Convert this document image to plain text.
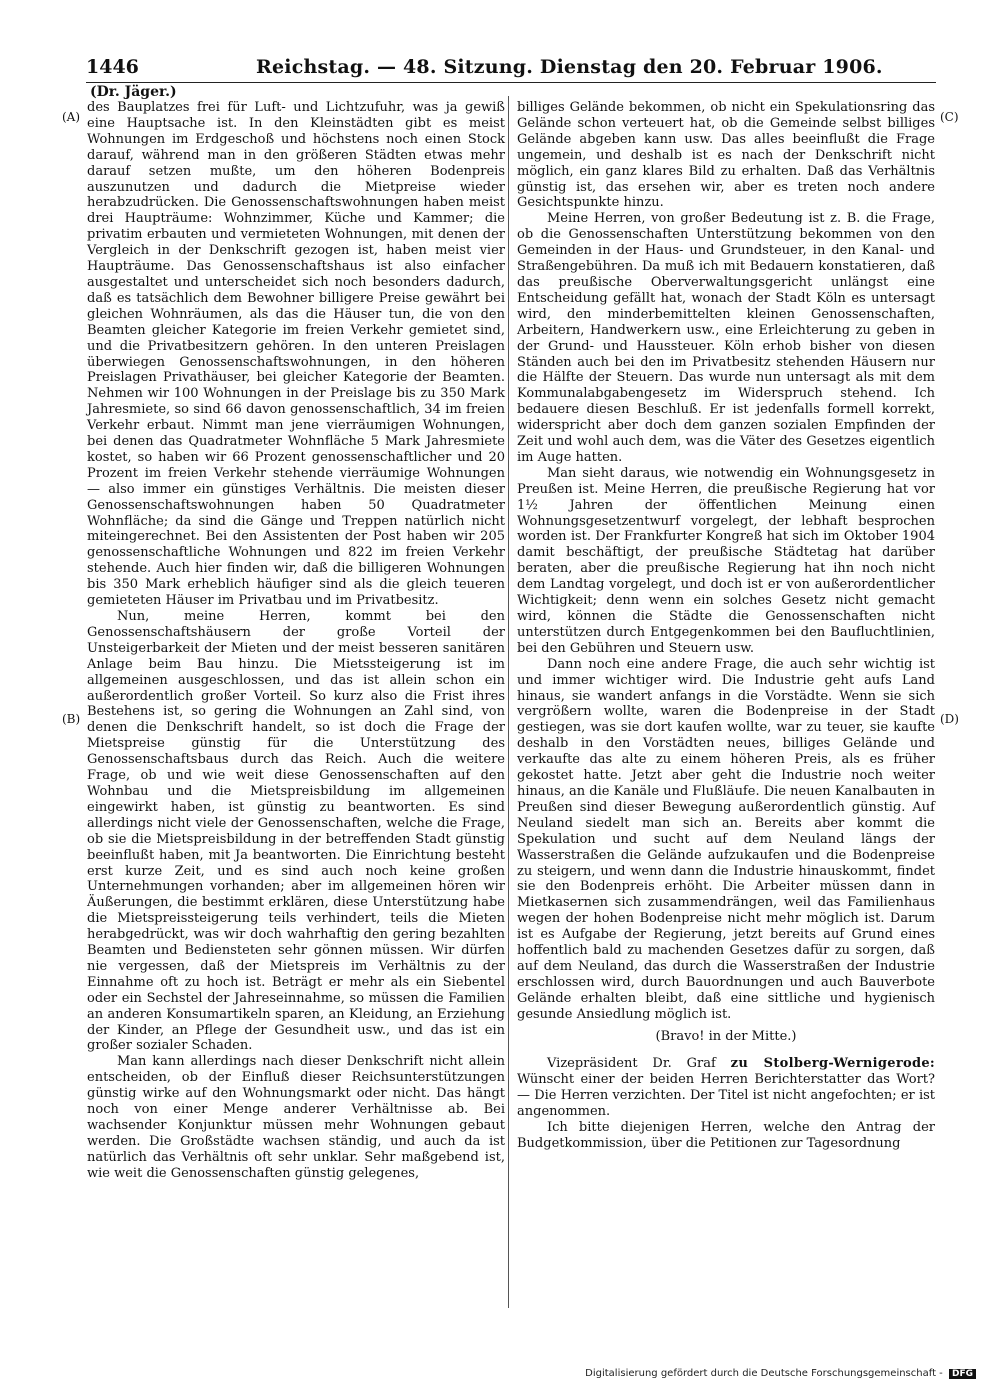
1446	Reichstag. — 48. Sitzung. Dienstag den 20. Februar 1906.
(Dr. Jäger.)
(A)
(B)
(C)
(D)

des Bauplatzes frei für Luft- und Lichtzufuhr, was ja gewiß eine Hauptsache ist. In den Kleinstädten gibt es meist Wohnungen im Erdgeschoß und höchstens noch einen Stock darauf, während man in den größeren Städten etwas mehr darauf setzen mußte, um den höheren Bodenpreis auszunutzen und dadurch die Mietpreise wieder herabzudrücken. Die Genossenschaftswohnungen haben meist drei Haupträume: Wohnzimmer, Küche und Kammer; die privatim erbauten und vermieteten Wohnungen, mit denen der Vergleich in der Denkschrift gezogen ist, haben meist vier Haupträume. Das Genossenschaftshaus ist also einfacher ausgestaltet und unterscheidet sich noch besonders dadurch, daß es tatsächlich dem Bewohner billigere Preise gewährt bei gleichen Wohnräumen, als das die Häuser tun, die von den Beamten gleicher Kategorie im freien Verkehr gemietet sind, und die Privatbesitzern gehören. In den unteren Preislagen überwiegen Genossenschaftswohnungen, in den höheren Preislagen Privathäuser, bei gleicher Kategorie der Beamten. Nehmen wir 100 Wohnungen in der Preislage bis zu 350 Mark Jahresmiete, so sind 66 davon genossenschaftlich, 34 im freien Verkehr erbaut. Nimmt man jene vierräumigen Wohnungen, bei denen das Quadratmeter Wohnfläche 5 Mark Jahresmiete kostet, so haben wir 66 Prozent genossenschaftlicher und 20 Prozent im freien Verkehr stehende vierräumige Wohnungen — also immer ein günstiges Verhältnis. Die meisten dieser Genossenschaftswohnungen haben 50 Quadratmeter Wohnfläche; da sind die Gänge und Treppen natürlich nicht miteingerechnet. Bei den Assistenten der Post haben wir 205 genossenschaftliche Wohnungen und 822 im freien Verkehr stehende. Auch hier finden wir, daß die billigeren Wohnungen bis 350 Mark erheblich häufiger sind als die gleich teueren gemieteten Häuser im Privatbau und im Privatbesitz.

Nun, meine Herren, kommt bei den Genossenschaftshäusern der große Vorteil der Unsteigerbarkeit der Mieten und der meist besseren sanitären Anlage beim Bau hinzu. Die Mietssteigerung ist im allgemeinen ausgeschlossen, und das ist allein schon ein außerordentlich großer Vorteil. So kurz also die Frist ihres Bestehens ist, so gering die Wohnungen an Zahl sind, von denen die Denkschrift handelt, so ist doch die Frage der Mietspreise günstig für die Unterstützung des Genossenschaftsbaus durch das Reich. Auch die weitere Frage, ob und wie weit diese Genossenschaften auf den Wohnbau und die Mietspreisbildung im allgemeinen eingewirkt haben, ist günstig zu beantworten. Es sind allerdings nicht viele der Genossenschaften, welche die Frage, ob sie die Mietspreisbildung in der betreffenden Stadt günstig beeinflußt haben, mit Ja beantworten. Die Einrichtung besteht erst kurze Zeit, und es sind auch noch keine großen Unternehmungen vorhanden; aber im allgemeinen hören wir Äußerungen, die bestimmt erklären, diese Unterstützung habe die Mietspreissteigerung teils verhindert, teils die Mieten herabgedrückt, was wir doch wahrhaftig den gering bezahlten Beamten und Bediensteten sehr gönnen müssen. Wir dürfen nie vergessen, daß der Mietspreis im Verhältnis zu der Einnahme oft zu hoch ist. Beträgt er mehr als ein Siebentel oder ein Sechstel der Jahreseinnahme, so müssen die Familien an anderen Konsumartikeln sparen, an Kleidung, an Erziehung der Kinder, an Pflege der Gesundheit usw., und das ist ein großer sozialer Schaden.

Man kann allerdings nach dieser Denkschrift nicht allein entscheiden, ob der Einfluß dieser Reichsunterstützungen günstig wirke auf den Wohnungsmarkt oder nicht. Das hängt noch von einer Menge anderer Verhältnisse ab. Bei wachsender Konjunktur müssen mehr Wohnungen gebaut werden. Die Großstädte wachsen ständig, und auch da ist natürlich das Verhältnis oft sehr unklar. Sehr maßgebend ist, wie weit die Genossenschaften günstig gelegenes,

billiges Gelände bekommen, ob nicht ein Spekulationsring das Gelände schon verteuert hat, ob die Gemeinde selbst billiges Gelände abgeben kann usw. Das alles beeinflußt die Frage ungemein, und deshalb ist es nach der Denkschrift nicht möglich, ein ganz klares Bild zu erhalten. Daß das Verhältnis günstig ist, das ersehen wir, aber es treten noch andere Gesichtspunkte hinzu.

Meine Herren, von großer Bedeutung ist z. B. die Frage, ob die Genossenschaften Unterstützung bekommen von den Gemeinden in der Haus- und Grundsteuer, in den Kanal- und Straßengebühren. Da muß ich mit Bedauern konstatieren, daß das preußische Oberverwaltungsgericht unlängst eine Entscheidung gefällt hat, wonach der Stadt Köln es untersagt wird, den minderbemittelten kleinen Genossenschaften, Arbeitern, Handwerkern usw., eine Erleichterung zu geben in der Grund- und Haussteuer. Köln erhob bisher von diesen Ständen auch bei den im Privatbesitz stehenden Häusern nur die Hälfte der Steuern. Das wurde nun untersagt als mit dem Kommunalabgabengesetz im Widerspruch stehend. Ich bedauere diesen Beschluß. Er ist jedenfalls formell korrekt, widerspricht aber doch dem ganzen sozialen Empfinden der Zeit und wohl auch dem, was die Väter des Gesetzes eigentlich im Auge hatten.

Man sieht daraus, wie notwendig ein Wohnungsgesetz in Preußen ist. Meine Herren, die preußische Regierung hat vor 1½ Jahren der öffentlichen Meinung einen Wohnungsgesetzentwurf vorgelegt, der lebhaft besprochen worden ist. Der Frankfurter Kongreß hat sich im Oktober 1904 damit beschäftigt, der preußische Städtetag hat darüber beraten, aber die preußische Regierung hat ihn noch nicht dem Landtag vorgelegt, und doch ist er von außerordentlicher Wichtigkeit; denn wenn ein solches Gesetz nicht gemacht wird, können die Städte die Genossenschaften nicht unterstützen durch Entgegenkommen bei den Baufluchtlinien, bei den Gebühren und Steuern usw.

Dann noch eine andere Frage, die auch sehr wichtig ist und immer wichtiger wird. Die Industrie geht aufs Land hinaus, sie wandert anfangs in die Vorstädte. Wenn sie sich vergrößern wollte, waren die Bodenpreise in der Stadt gestiegen, was sie dort kaufen wollte, war zu teuer, sie kaufte deshalb in den Vorstädten neues, billiges Gelände und verkaufte das alte zu einem höheren Preis, als es früher gekostet hatte. Jetzt aber geht die Industrie noch weiter hinaus, an die Kanäle und Flußläufe. Die neuen Kanalbauten in Preußen sind dieser Bewegung außerordentlich günstig. Auf Neuland siedelt man sich an. Bereits aber kommt die Spekulation und sucht auf dem Neuland längs der Wasserstraßen die Gelände aufzukaufen und die Bodenpreise zu steigern, und wenn dann die Industrie hinauskommt, findet sie den Bodenpreis erhöht. Die Arbeiter müssen dann in Mietkasernen sich zusammendrängen, weil das Familienhaus wegen der hohen Bodenpreise nicht mehr möglich ist. Darum ist es Aufgabe der Regierung, jetzt bereits auf Grund eines hoffentlich bald zu machenden Gesetzes dafür zu sorgen, daß auf dem Neuland, das durch die Wasserstraßen der Industrie erschlossen wird, durch Bauordnungen und auch Bauverbote Gelände erhalten bleibt, daß eine sittliche und hygienisch gesunde Ansiedlung möglich ist.

(Bravo! in der Mitte.)

Vizepräsident Dr. Graf zu Stolberg-Wernigerode: Wünscht einer der beiden Herren Berichterstatter das Wort? — Die Herren verzichten. Der Titel ist nicht angefochten; er ist angenommen.

Ich bitte diejenigen Herren, welche den Antrag der Budgetkommission, über die Petitionen zur Tagesordnung

Digitalisierung gefördert durch die Deutsche Forschungsgemeinschaft - DFG
